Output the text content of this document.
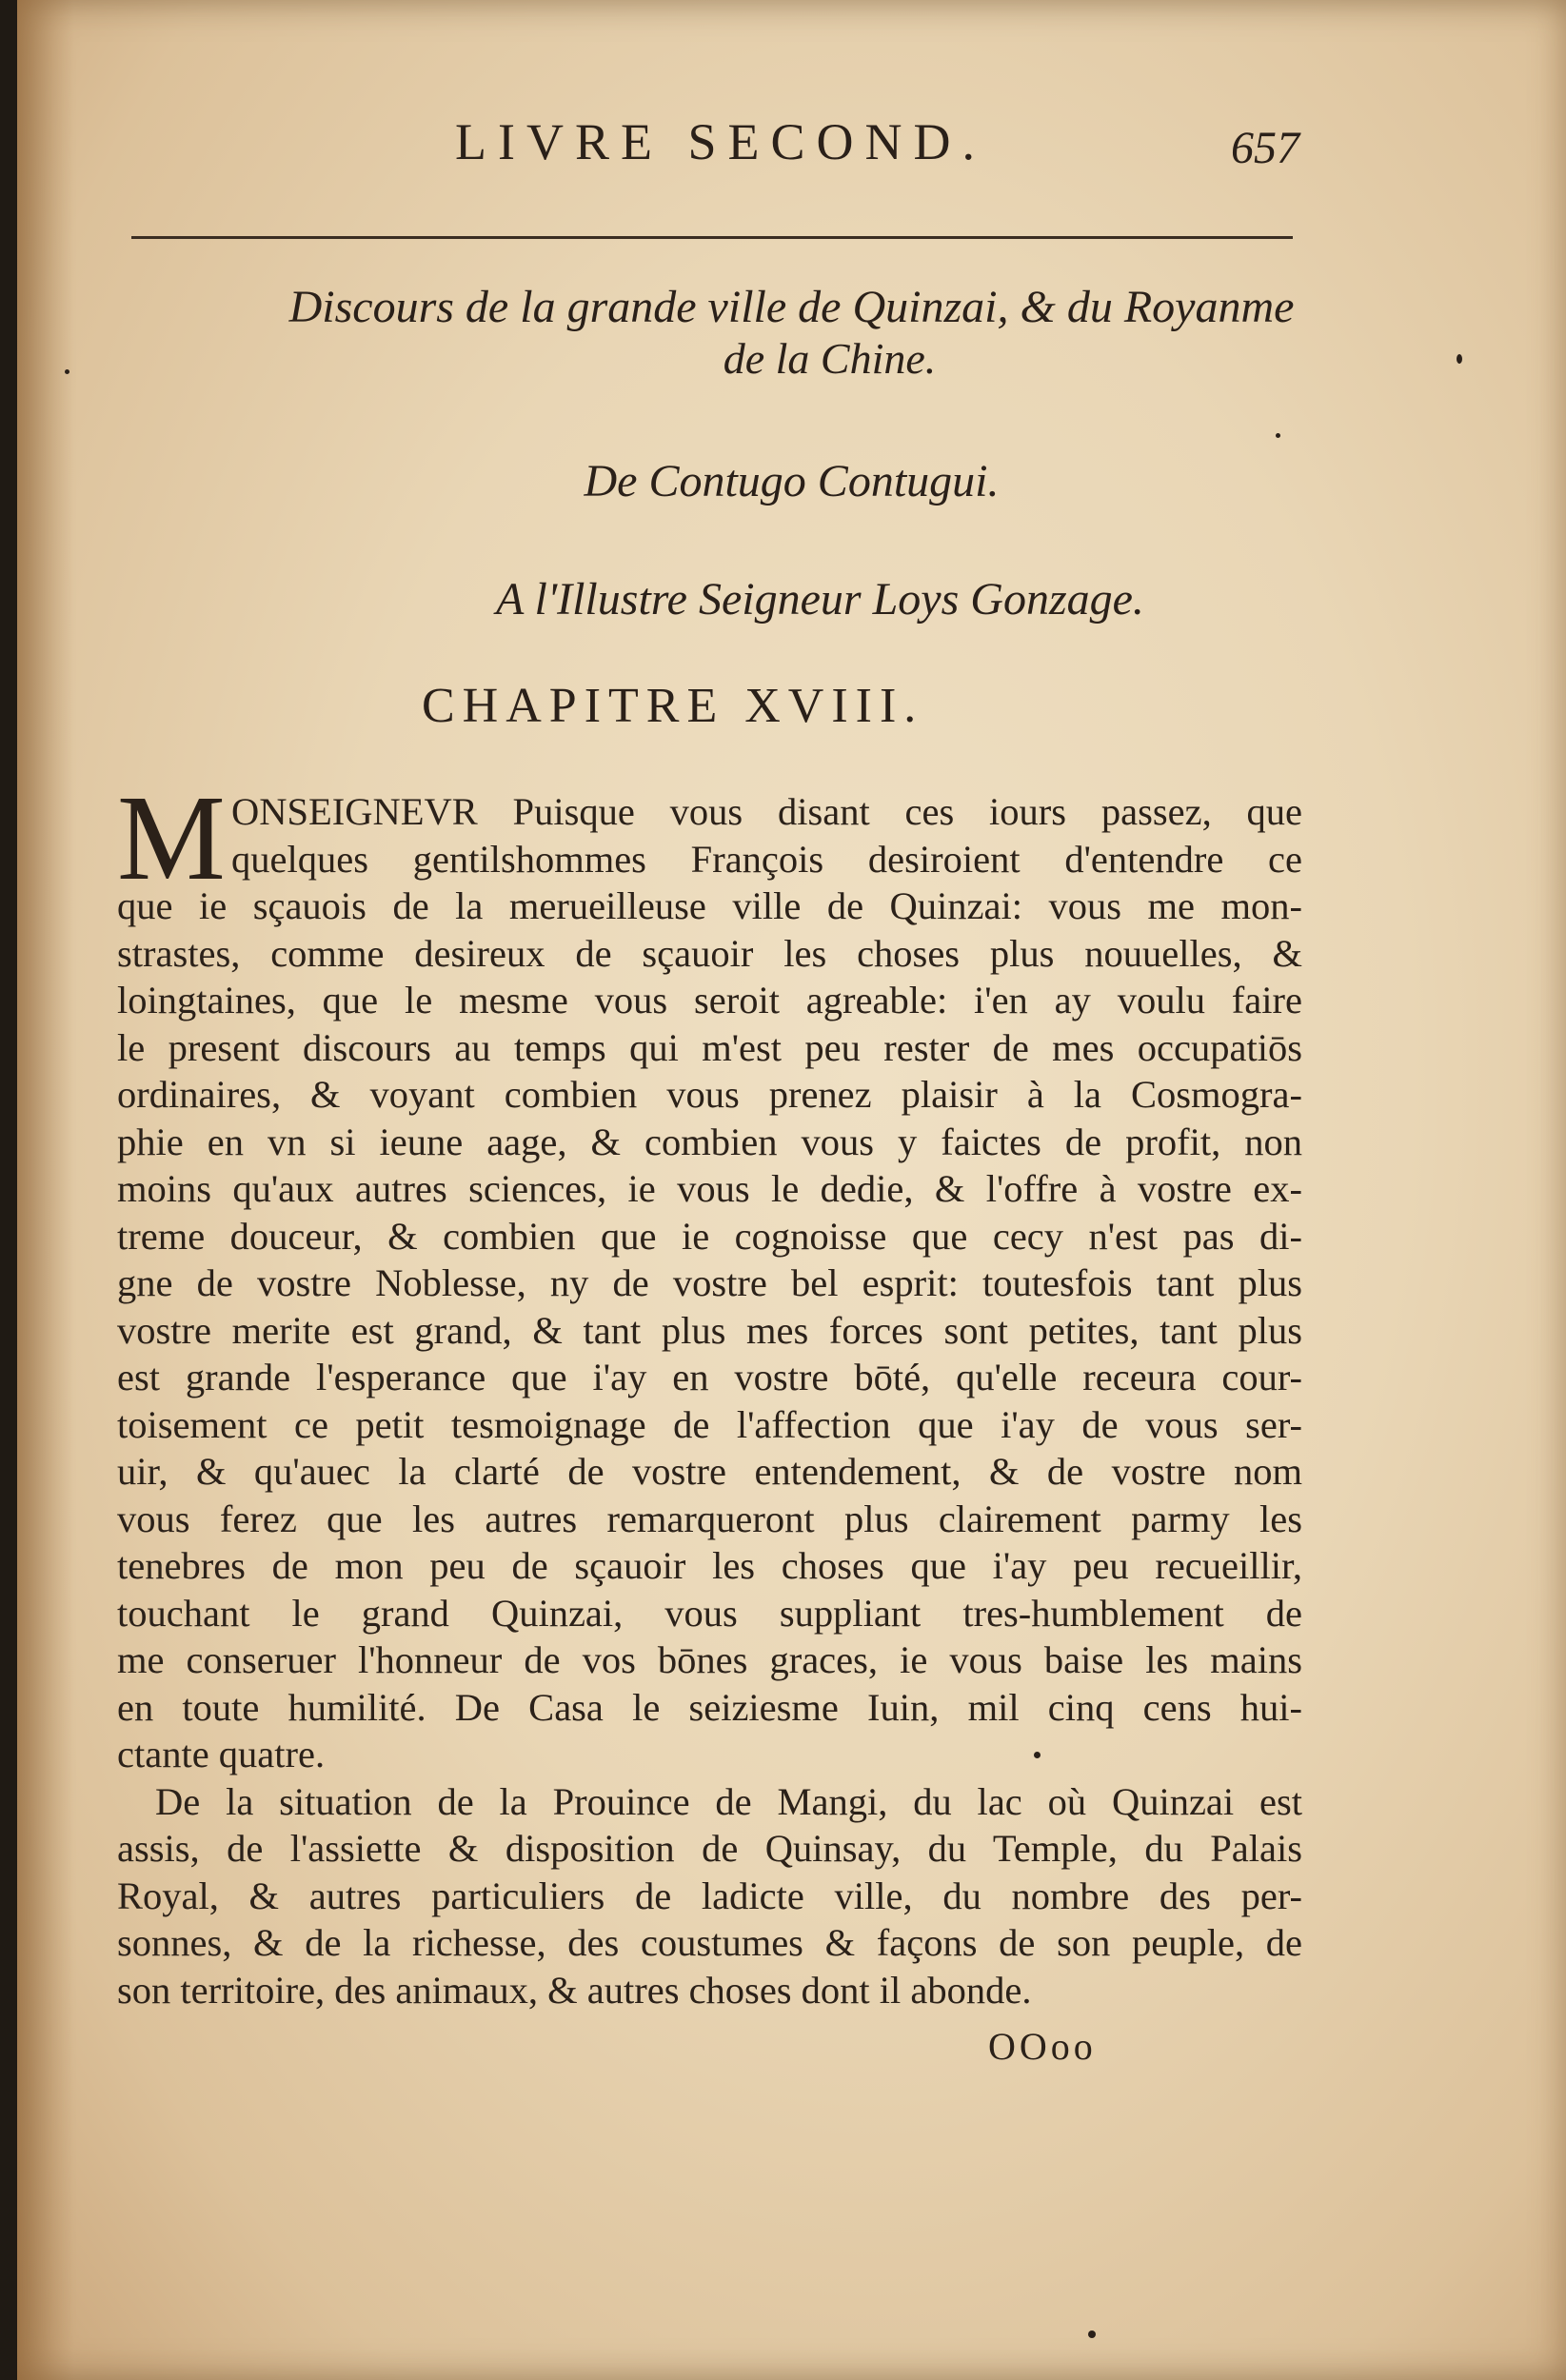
LIVRE SECOND.	657
Discours de la grande ville de Quinzai, & du Royanme
de la Chine.
De Contugo Contugui.
A l'Illustre Seigneur Loys Gonzage.
CHAPITRE XVIII.
M ONSEIGNEVR Puisque vous disant ces iours passez, que
quelques gentilshommes François desiroient d'entendre ce
que ie sçauois de la merueilleuse ville de Quinzai: vous me mon-
strastes, comme desireux de sçauoir les choses plus nouuelles, &
loingtaines, que le mesme vous seroit agreable: i'en ay voulu faire
le present discours au temps qui m'est peu rester de mes occupatiōs
ordinaires, & voyant combien vous prenez plaisir à la Cosmogra-
phie en vn si ieune aage, & combien vous y faictes de profit, non
moins qu'aux autres sciences, ie vous le dedie, & l'offre à vostre ex-
treme douceur, & combien que ie cognoisse que cecy n'est pas di-
gne de vostre Noblesse, ny de vostre bel esprit: toutesfois tant plus
vostre merite est grand, & tant plus mes forces sont petites, tant plus
est grande l'esperance que i'ay en vostre bōté, qu'elle receura cour-
toisement ce petit tesmoignage de l'affection que i'ay de vous ser-
uir, & qu'auec la clarté de vostre entendement, & de vostre nom
vous ferez que les autres remarqueront plus clairement parmy les
tenebres de mon peu de sçauoir les choses que i'ay peu recueillir,
touchant le grand Quinzai, vous suppliant tres-humblement de
me conseruer l'honneur de vos bōnes graces, ie vous baise les mains
en toute humilité. De Casa le seiziesme Iuin, mil cinq cens hui-
ctante quatre.
De la situation de la Prouince de Mangi, du lac où Quinzai est
assis, de l'assiette & disposition de Quinsay, du Temple, du Palais
Royal, & autres particuliers de ladicte ville, du nombre des per-
sonnes, & de la richesse, des coustumes & façons de son peuple, de
son territoire, des animaux, & autres choses dont il abonde.
OOoo
